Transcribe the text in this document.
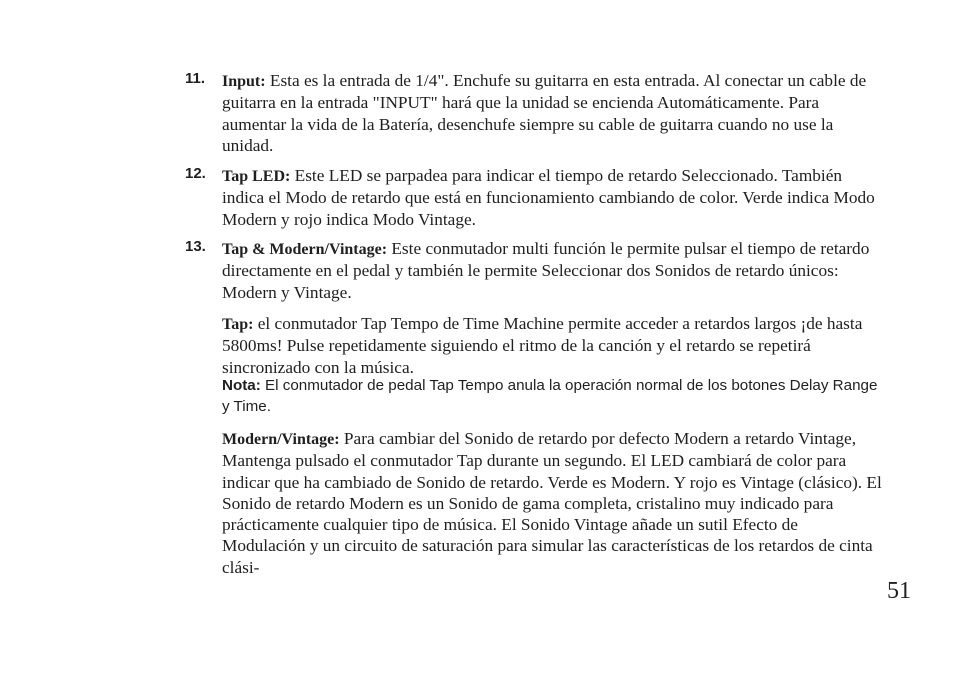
11. Input: Esta es la entrada de 1/4". Enchufe su guitarra en esta entrada. Al conectar un cable de guitarra en la entrada "INPUT" hará que la unidad se encienda Automáticamente. Para aumentar la vida de la Batería, desenchufe siempre su cable de guitarra cuando no use la unidad.
12. Tap LED: Este LED se parpadea para indicar el tiempo de retardo Seleccionado. También indica el Modo de retardo que está en funcionamiento cambiando de color. Verde indica Modo Modern y rojo indica Modo Vintage.
13. Tap & Modern/Vintage: Este conmutador multi función le permite pulsar el tiempo de retardo directamente en el pedal y también le permite Seleccionar dos Sonidos de retardo únicos: Modern y Vintage.
Tap: el conmutador Tap Tempo de Time Machine permite acceder a retardos largos ¡de hasta 5800ms! Pulse repetidamente siguiendo el ritmo de la canción y el retardo se repetirá sincronizado con la música.
Nota: El conmutador de pedal Tap Tempo anula la operación normal de los botones Delay Range y Time.
Modern/Vintage: Para cambiar del Sonido de retardo por defecto Modern a retardo Vintage, Mantenga pulsado el conmutador Tap durante un segundo. El LED cambiará de color para indicar que ha cambiado de Sonido de retardo. Verde es Modern. Y rojo es Vintage (clásico). El Sonido de retardo Modern es un Sonido de gama completa, cristalino muy indicado para prácticamente cualquier tipo de música. El Sonido Vintage añade un sutil Efecto de Modulación y un circuito de saturación para simular las características de los retardos de cinta clási-
51
